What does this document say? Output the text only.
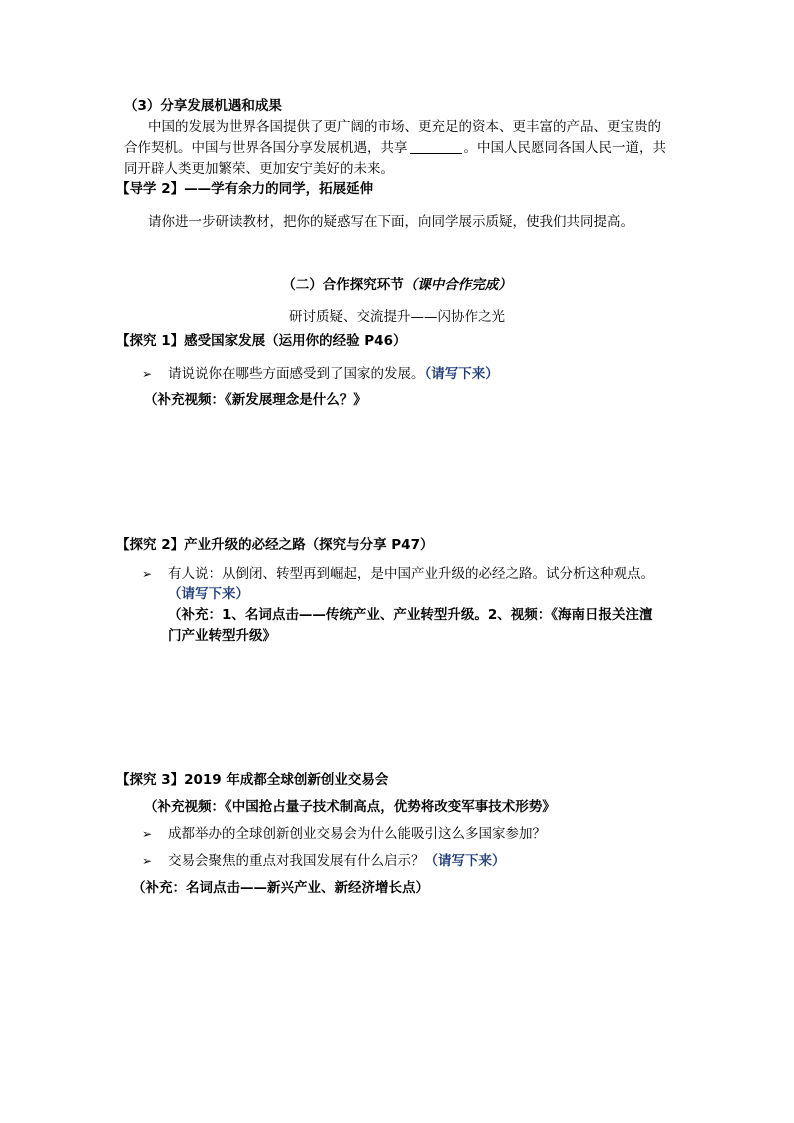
（3）分享发展机遇和成果
中国的发展为世界各国提供了更广阔的市场、更充足的资本、更丰富的产品、更宝贵的
合作契机。中国与世界各国分享发展机遇，共享	。中国人民愿同各国人民一道，共
同开辟人类更加繁荣、更加安宁美好的未来。
【导学 2】——学有余力的同学，拓展延伸
请你进一步研读教材，把你的疑惑写在下面，向同学展示质疑，使我们共同提高。
（二）合作探究环节（课中合作完成）
研讨质疑、交流提升——闪协作之光
【探究 1】感受国家发展（运用你的经验 P46）
➢ 请说说你在哪些方面感受到了国家的发展。（请写下来）
（补充视频：《新发展理念是什么？》
【探究 2】产业升级的必经之路（探究与分享 P47）
➢ 有人说：从倒闭、转型再到崛起，是中国产业升级的必经之路。试分析这种观点。
（请写下来）
（补充：1、名词点击——传统产业、产业转型升级。2、视频：《海南日报关注澶
门产业转型升级》
【探究 3】2019 年成都全球创新创业交易会
（补充视频：《中国抢占量子技术制高点，优势将改变军事技术形势》
➢ 成都举办的全球创新创业交易会为什么能吸引这么多国家参加？
➢ 交易会聚焦的重点对我国发展有什么启示？（请写下来）
（补充：名词点击——新兴产业、新经济增长点）
